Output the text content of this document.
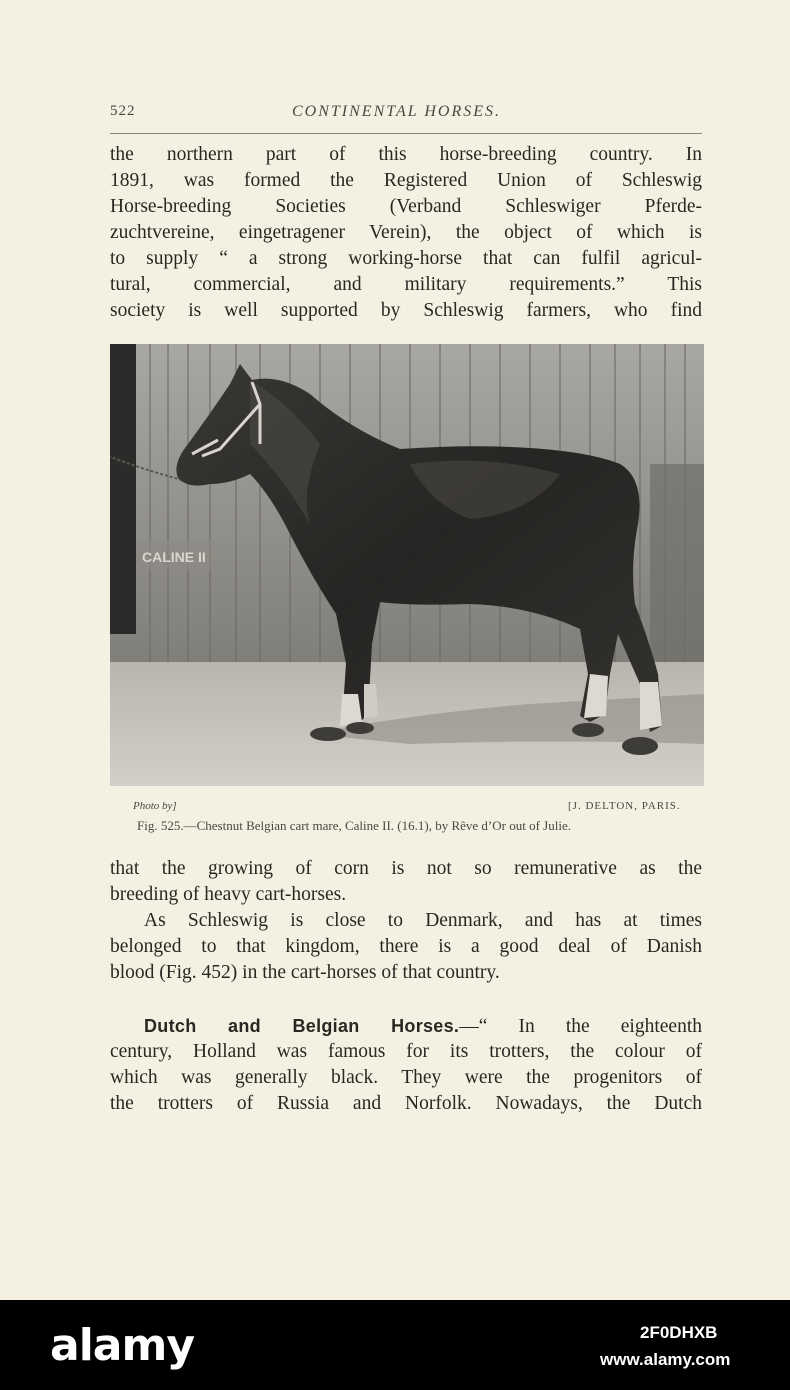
522	CONTINENTAL HORSES.
the northern part of this horse-breeding country. In
1891, was formed the Registered Union of Schleswig
Horse-breeding Societies (Verband Schleswiger Pferde-
zuchtvereine, eingetragener Verein), the object of which is
to supply “ a strong working-horse that can fulfil agricul-
tural, commercial, and military requirements.” This
society is well supported by Schleswig farmers, who find
CALINE II
Photo by]	[J. DELTON, PARIS.
Fig. 525.—Chestnut Belgian cart mare, Caline II. (16.1), by Rêve d’Or out of Julie.
that the growing of corn is not so remunerative as the
breeding of heavy cart-horses.
As Schleswig is close to Denmark, and has at times
belonged to that kingdom, there is a good deal of Danish
blood (Fig. 452) in the cart-horses of that country.
Dutch and Belgian Horses.—“ In the eighteenth
century, Holland was famous for its trotters, the colour of
which was generally black. They were the progenitors of
the trotters of Russia and Norfolk. Nowadays, the Dutch
alamy	2F0DHXB
www.alamy.com
